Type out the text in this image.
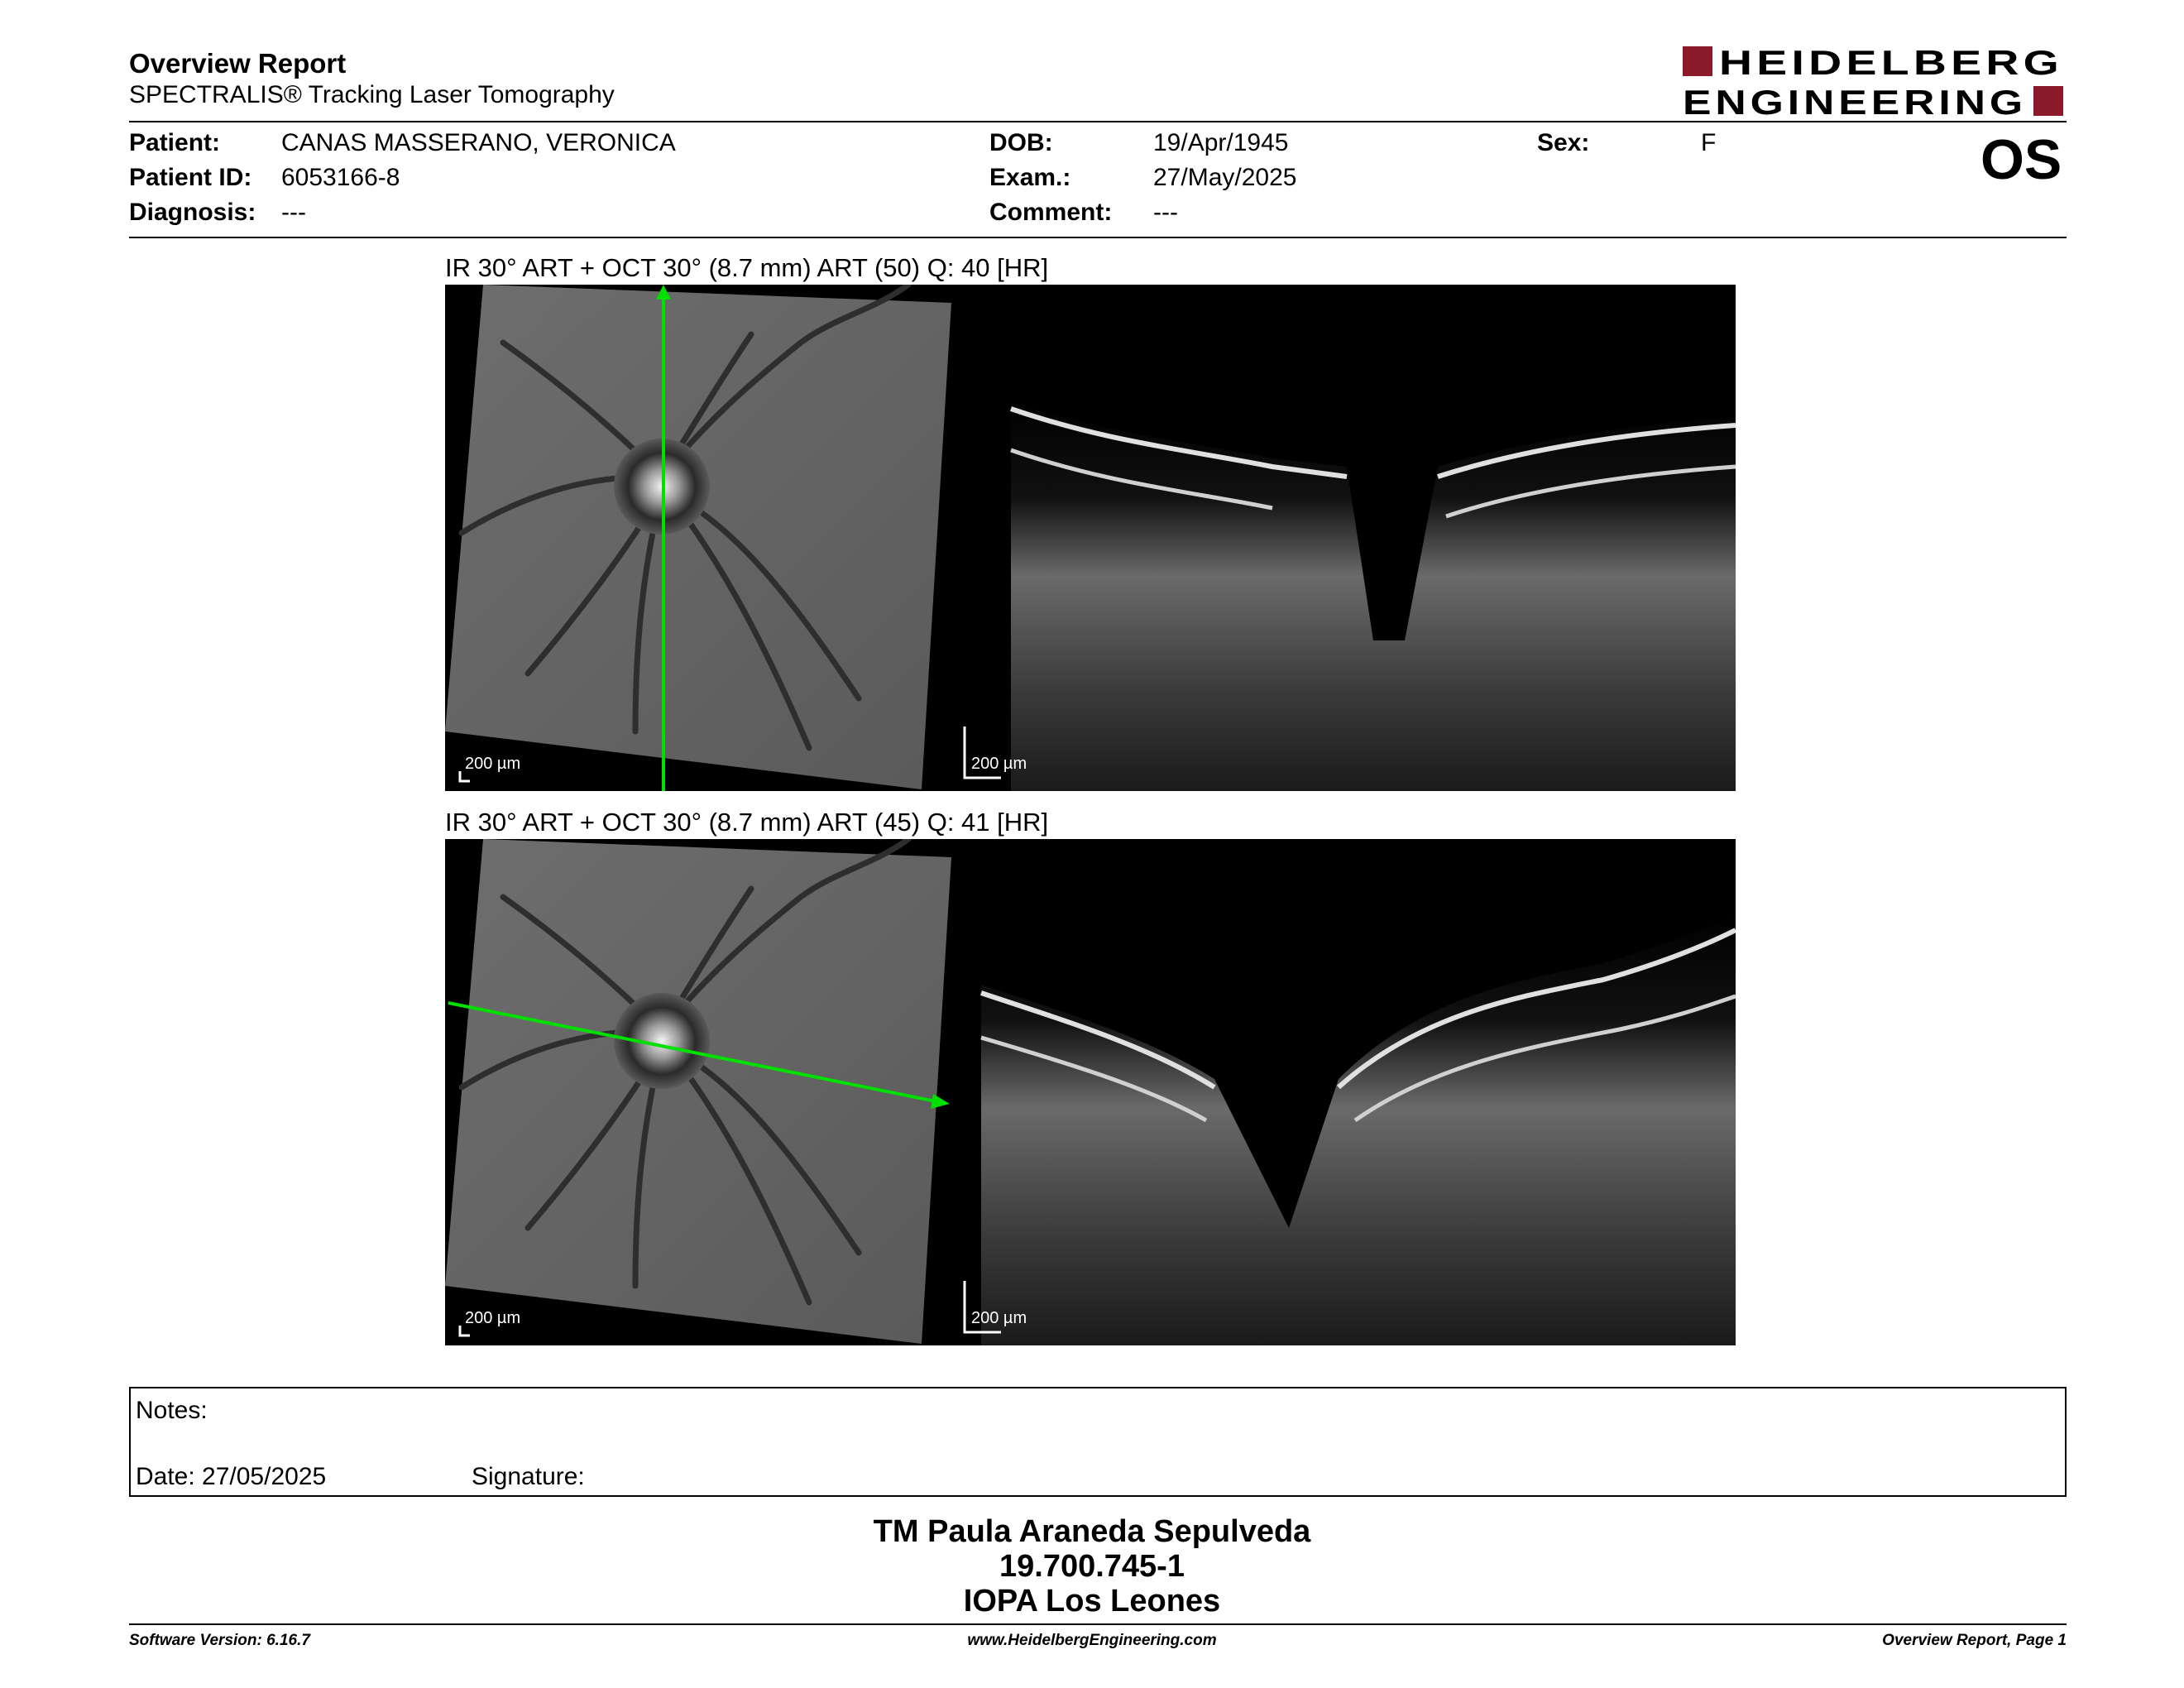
Overview Report
SPECTRALIS® Tracking Laser Tomography
HEIDELBERG
ENGINEERING
Patient: CANAS MASSERANO, VERONICA
Patient ID: 6053166-8
Diagnosis: ---
DOB:	19/Apr/1945
Exam.:	27/May/2025
Comment: ---
Sex:	F	OS
IR 30° ART + OCT 30° (8.7 mm) ART (50) Q: 40 [HR]
200 µm	200 µm
IR 30° ART + OCT 30° (8.7 mm) ART (45) Q: 41 [HR]
200 µm	200 µm
Notes:
Date: 27/05/2025	Signature:
TM Paula Araneda Sepulveda
19.700.745-1
IOPA Los Leones
Software Version: 6.16.7	www.HeidelbergEngineering.com	Overview Report, Page 1
